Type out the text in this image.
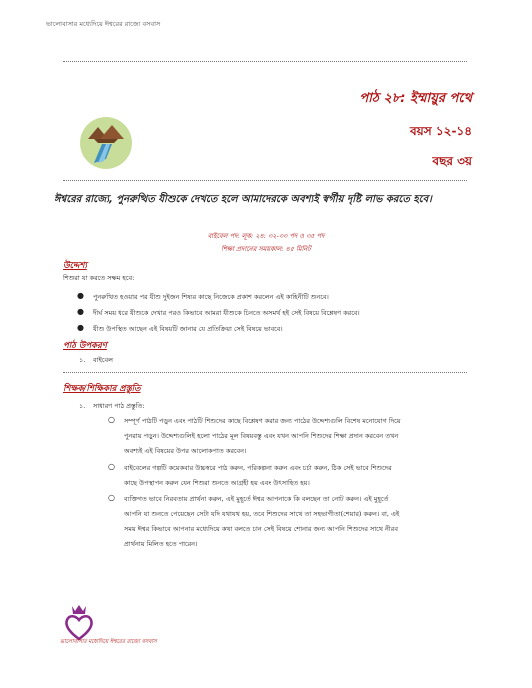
ভালোবাসার মধ্যেদিয়ে ঈশ্বরের রাজ্যে বসবাস
পাঠ ২৮: ইম্মায়ুর পথে
বয়স ১২-১৪
বছর ৩য়
ঈশ্বরের রাজ্যে, পুনরুত্থিত যীশুকে দেখতে হলে আমাদেরকে অবশ্যই স্বর্গীয় দৃষ্টি লাভ করতে হবে।
বাইবেল পদ: লূক: ২৪: ৩২-৩৩ পদ ও ৩৫ পদ
শিক্ষা প্রদানের সময়কাল: ৪৫ মিনিট
উদ্দেশ্য
শিশুরা যা করতে সক্ষম হবে:
● পুনরুত্থিত হওয়ার পর যীশু দুইজন শিষ্যর কাছে নিজেকে প্রকাশ করলেন এই কাহিনীটি শুনবে।
● দীর্ঘ সময় ধরে যীশুকে দেখার পরও কিভাবে আমরা যীশুকে চিনতে অসমর্থ হই সেই বিষয়ে বিশ্লেষণ করবে।
● যীশু উপস্থিত আছেন এই বিষয়টি জানার যে প্রতিক্রিয়া সেই বিষয়ে ভাববে।
পাঠ উপকরণ
১. বাইবেল
শিক্ষক/শিক্ষিকার প্রস্তুতি
১. সাধারণ পাঠ প্রস্তুতি:
○ সম্পূর্ণ পাঠটি পড়ুন এবং পাঠটি শিশুদের কাছে বিশ্লেষণ করার জন্য পাঠের উদ্দেশ্যগুলি বিশেষ মনোযোগ দিয়ে
পুনরায় পড়ুন। উদ্দেশ্যগুলিই হলো পাঠের মূল বিষয়বস্তু এবং যখন আপনি শিশুদের শিক্ষা প্রদান করবেন তখন
অবশ্যই এই বিষয়ের উপর আলোকপাত করবেন।
○ বাইবেলের গল্পটি কয়েকবার উচ্চস্বরে পাঠ করুন, পরিকল্পনা করুন এবং চর্চা করুন, ঠিক সেই ভাবে শিশুদের
কাছে উপস্থাপন করুন যেন শিশুরা শুনতে আগ্রহী হয় এবং উৎসাহিত হয়।
○ ব্যক্তিগত ভাবে নিরবতায় প্রার্থনা করুন, এই মুহূর্তে ঈশ্বর আপনাকে কি বলছেন তা নোট করুন। এই মুহূর্তে
আপনি যা শুনতে পেয়েছেন সেটা যদি যথাযথ হয়, তবে শিশুদের সাথে তা সহভাগীতা(শেয়ার) করুন। বা, এই
সময় ঈশ্বর কিভাবে আপনার মধ্যেদিয়ে কথা বলতে চান সেই বিষয়ে শোনার জন্য আপনি শিশুদের সাথে নীরব
প্রার্থনায় মিলিত হতে পারেন।
ভালোবাসার মধ্যেদিয়ে ঈশ্বরের রাজ্যে বসবাস
